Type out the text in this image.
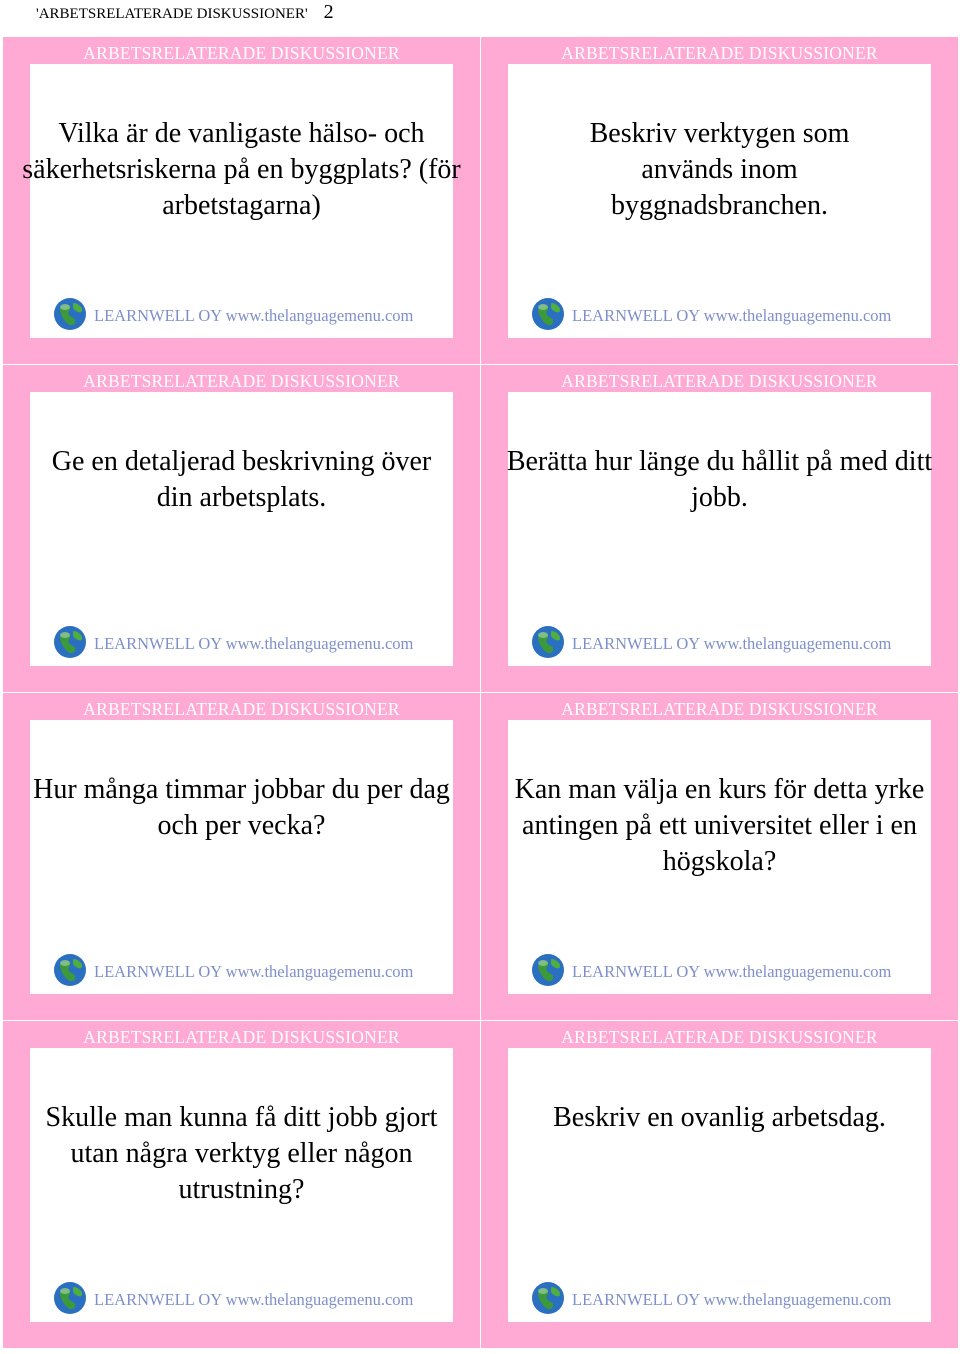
'ARBETSRELATERADE DISKUSSIONER' 2
ARBETSRELATERADE DISKUSSIONER
Vilka är de vanligaste hälso- och säkerhetsriskerna på en byggplats? (för arbetstagarna)
LEARNWELL OY www.thelanguagemenu.com
ARBETSRELATERADE DISKUSSIONER
Beskriv verktygen som används inom byggnadsbranchen.
LEARNWELL OY www.thelanguagemenu.com
ARBETSRELATERADE DISKUSSIONER
Ge en detaljerad beskrivning över din arbetsplats.
LEARNWELL OY www.thelanguagemenu.com
ARBETSRELATERADE DISKUSSIONER
Berätta hur länge du hållit på med ditt jobb.
LEARNWELL OY www.thelanguagemenu.com
ARBETSRELATERADE DISKUSSIONER
Hur många timmar jobbar du per dag och per vecka?
LEARNWELL OY www.thelanguagemenu.com
ARBETSRELATERADE DISKUSSIONER
Kan man välja en kurs för detta yrke antingen på ett universitet eller i en högskola?
LEARNWELL OY www.thelanguagemenu.com
ARBETSRELATERADE DISKUSSIONER
Skulle man kunna få ditt jobb gjort utan några verktyg eller någon utrustning?
LEARNWELL OY www.thelanguagemenu.com
ARBETSRELATERADE DISKUSSIONER
Beskriv en ovanlig arbetsdag.
LEARNWELL OY www.thelanguagemenu.com
